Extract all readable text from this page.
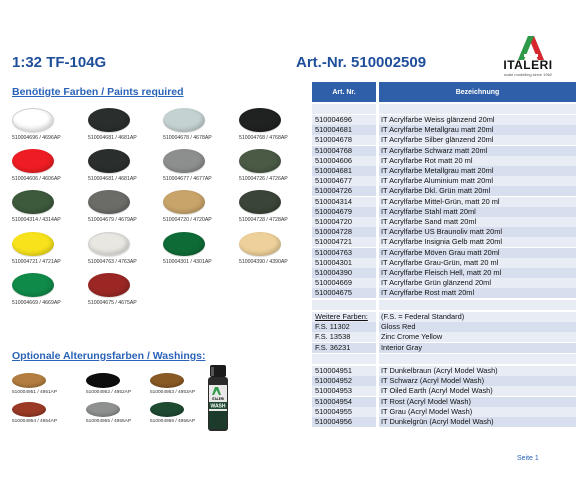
ITALERI
scale modelling since 1962
1:32 TF-104G	Art.-Nr. 510002509
Benötigte Farben / Paints required
510004696 / 4696AP	510004681 / 4681AP	510004678 / 4678AP	510004768 / 4768AP
510004606 / 4606AP	510004681 / 4681AP	510004677 / 4677AP	510004726 / 4726AP
510004314 / 4314AP	510004679 / 4679AP	510004720 / 4720AP	510004728 / 4728AP
510004721 / 4721AP	510004763 / 4763AP	510004301 / 4301AP	510004390 / 4390AP
510004669 / 4669AP	510004675 / 4675AP
Optionale Alterungsfarben / Washings:
510004951 / 4951AP	510004952 / 4952AP	510004953 / 4953AP
510004954 / 4954AP	510004955 / 4955AP	510004956 / 4956AP
ITALERI
WASH
Art. Nr.	Bezeichnung
510004696	IT Acrylfarbe Weiss glänzend 20ml
510004681	IT Acrylfarbe Metallgrau matt 20ml
510004678	IT Acrylfarbe Silber glänzend 20ml
510004768	IT Acrylfarbe Schwarz matt 20ml
510004606	IT Acrylfarbe Rot matt 20 ml
510004681	IT Acrylfarbe Metallgrau matt 20ml
510004677	IT Acrylfarbe Aluminium matt 20ml
510004726	IT Acrylfarbe Dkl. Grün matt 20ml
510004314	IT Acrylfarbe Mittel-Grün, matt 20 ml
510004679	IT Acrylfarbe Stahl matt 20ml
510004720	IT Acrylfarbe Sand matt 20ml
510004728	IT Acrylfarbe US Braunoliv matt 20ml
510004721	IT Acrylfarbe Insignia Gelb matt 20ml
510004763	IT Acrylfarbe Möven Grau matt 20ml
510004301	IT Acrylfarbe Grau-Grün, matt 20 ml
510004390	IT Acrylfarbe Fleisch Hell, matt 20 ml
510004669	IT Acrylfarbe Grün glänzend 20ml
510004675	IT Acrylfarbe Rost matt 20ml
Weitere Farben:	(F.S. = Federal Standard)
F.S. 11302	Gloss Red
F.S. 13538	Zinc Crome Yellow
F.S. 36231	Interior Gray
510004951	IT Dunkelbraun (Acryl Model Wash)
510004952	IT Schwarz (Acryl Model Wash)
510004953	IT Oiled Earth (Acryl Model Wash)
510004954	IT Rost (Acryl Model Wash)
510004955	IT Grau (Acryl Model Wash)
510004956	IT Dunkelgrün (Acryl Model Wash)
Seite 1
